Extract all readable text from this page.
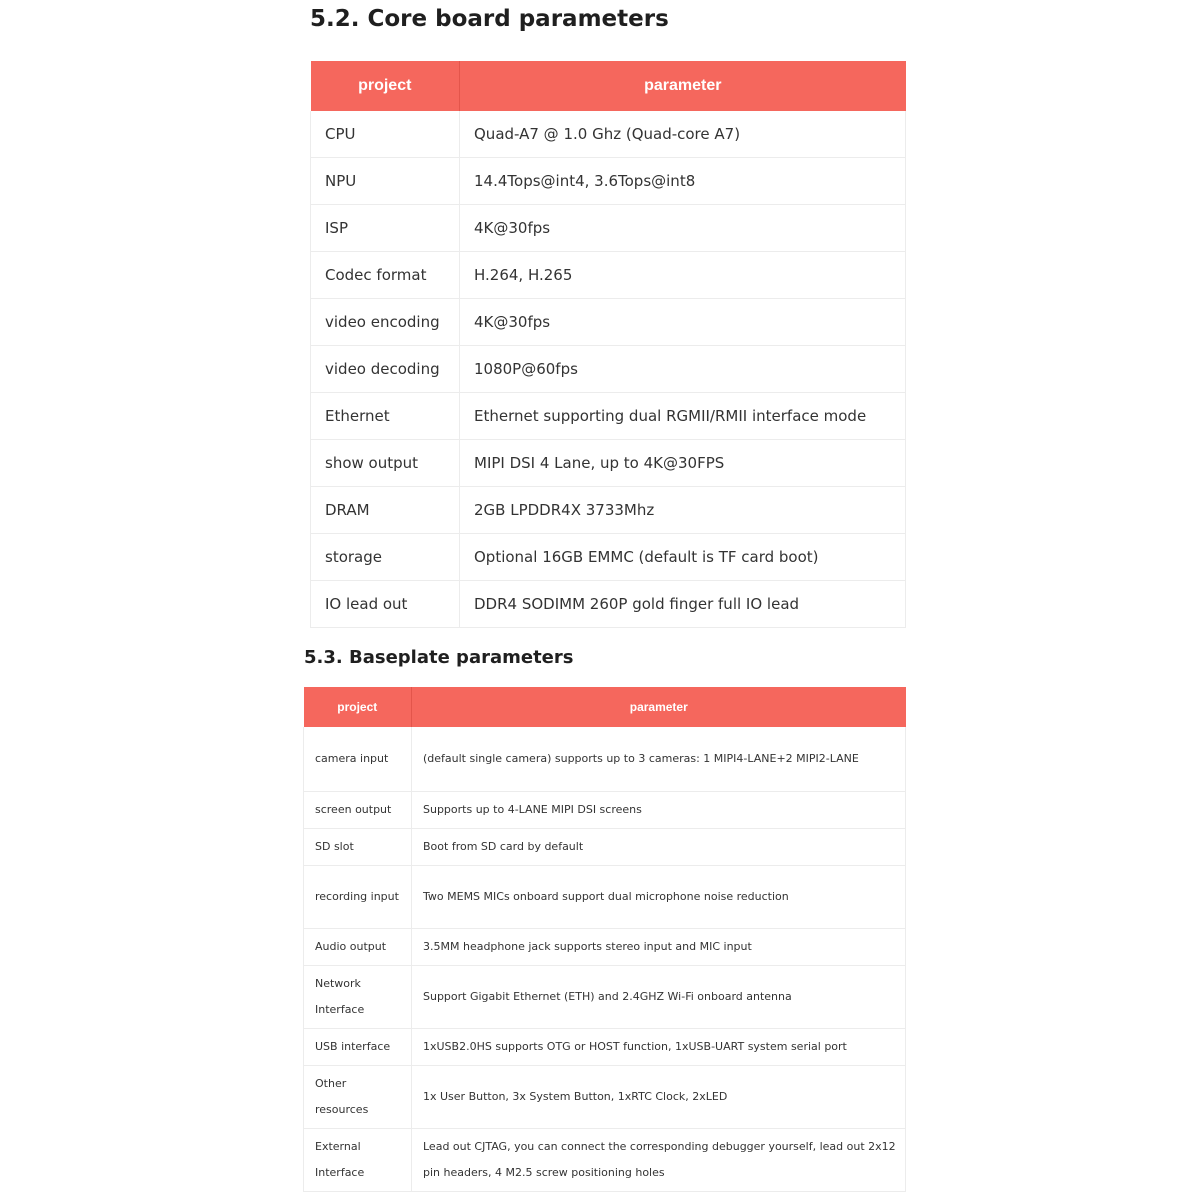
5.2. Core board parameters
project	parameter
CPU	Quad-A7 @ 1.0 Ghz (Quad-core A7)
NPU	14.4Tops@int4, 3.6Tops@int8
ISP	4K@30fps
Codec format	H.264, H.265
video encoding	4K@30fps
video decoding	1080P@60fps
Ethernet	Ethernet supporting dual RGMII/RMII interface mode
show output	MIPI DSI 4 Lane, up to 4K@30FPS
DRAM	2GB LPDDR4X 3733Mhz
storage	Optional 16GB EMMC (default is TF card boot)
IO lead out	DDR4 SODIMM 260P gold finger full IO lead
5.3. Baseplate parameters
project	parameter
camera input	(default single camera) supports up to 3 cameras: 1 MIPI4-LANE+2 MIPI2-LANE
screen output	Supports up to 4-LANE MIPI DSI screens
SD slot	Boot from SD card by default
recording input	Two MEMS MICs onboard support dual microphone noise reduction
Audio output	3.5MM headphone jack supports stereo input and MIC input
Network Interface	Support Gigabit Ethernet (ETH) and 2.4GHZ Wi-Fi onboard antenna
USB interface	1xUSB2.0HS supports OTG or HOST function, 1xUSB-UART system serial port
Other resources	1x User Button, 3x System Button, 1xRTC Clock, 2xLED
External Interface	Lead out CJTAG, you can connect the corresponding debugger yourself, lead out 2x12 pin headers, 4 M2.5 screw positioning holes
